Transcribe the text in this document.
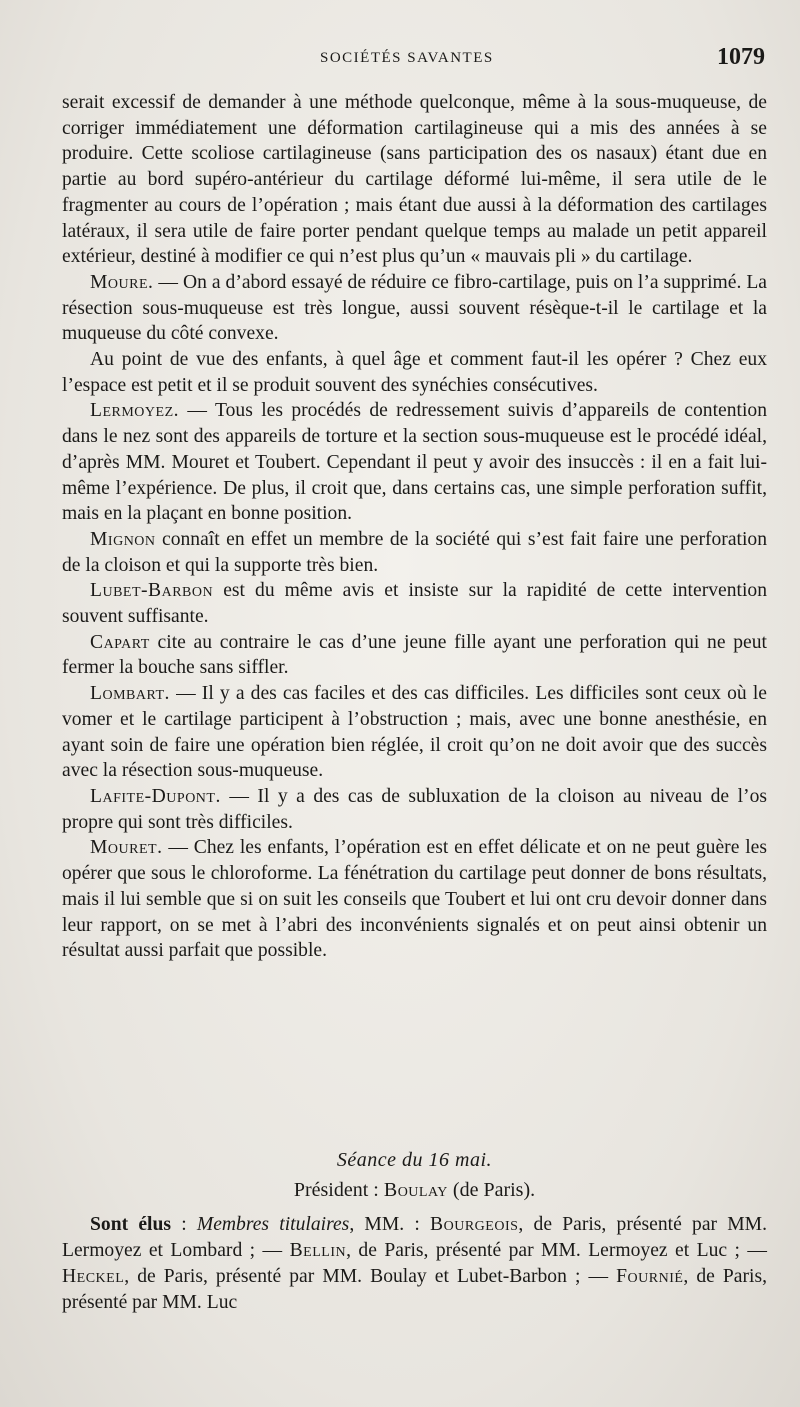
SOCIÉTÉS SAVANTES	1079

serait excessif de demander à une méthode quelconque, même à la sous-muqueuse, de corriger immédiatement une déformation cartilagineuse qui a mis des années à se produire. Cette scoliose cartilagineuse (sans participation des os nasaux) étant due en partie au bord supéro-antérieur du cartilage déformé lui-même, il sera utile de le fragmenter au cours de l’opération ; mais étant due aussi à la déformation des cartilages latéraux, il sera utile de faire porter pendant quelque temps au malade un petit appareil extérieur, destiné à modifier ce qui n’est plus qu’un « mauvais pli » du cartilage.

Moure. — On a d’abord essayé de réduire ce fibro-cartilage, puis on l’a supprimé. La résection sous-muqueuse est très longue, aussi souvent résèque-t-il le cartilage et la muqueuse du côté convexe.

Au point de vue des enfants, à quel âge et comment faut-il les opérer ? Chez eux l’espace est petit et il se produit souvent des synéchies consécutives.

Lermoyez. — Tous les procédés de redressement suivis d’appareils de contention dans le nez sont des appareils de torture et la section sous-muqueuse est le procédé idéal, d’après MM. Mouret et Toubert. Cependant il peut y avoir des insuccès : il en a fait lui-même l’expérience. De plus, il croit que, dans certains cas, une simple perforation suffit, mais en la plaçant en bonne position.

Mignon connaît en effet un membre de la société qui s’est fait faire une perforation de la cloison et qui la supporte très bien.

Lubet-Barbon est du même avis et insiste sur la rapidité de cette intervention souvent suffisante.

Capart cite au contraire le cas d’une jeune fille ayant une perforation qui ne peut fermer la bouche sans siffler.

Lombart. — Il y a des cas faciles et des cas difficiles. Les difficiles sont ceux où le vomer et le cartilage participent à l’obstruction ; mais, avec une bonne anesthésie, en ayant soin de faire une opération bien réglée, il croit qu’on ne doit avoir que des succès avec la résection sous-muqueuse.

Lafite-Dupont. — Il y a des cas de subluxation de la cloison au niveau de l’os propre qui sont très difficiles.

Mouret. — Chez les enfants, l’opération est en effet délicate et on ne peut guère les opérer que sous le chloroforme. La fénétration du cartilage peut donner de bons résultats, mais il lui semble que si on suit les conseils que Toubert et lui ont cru devoir donner dans leur rapport, on se met à l’abri des inconvénients signalés et on peut ainsi obtenir un résultat aussi parfait que possible.

Séance du 16 mai.
Président : Boulay (de Paris).

Sont élus : Membres titulaires, MM. : Bourgeois, de Paris, présenté par MM. Lermoyez et Lombard ; — Bellin, de Paris, présenté par MM. Lermoyez et Luc ; — Heckel, de Paris, présenté par MM. Boulay et Lubet-Barbon ; — Fournié, de Paris, présenté par MM. Luc
